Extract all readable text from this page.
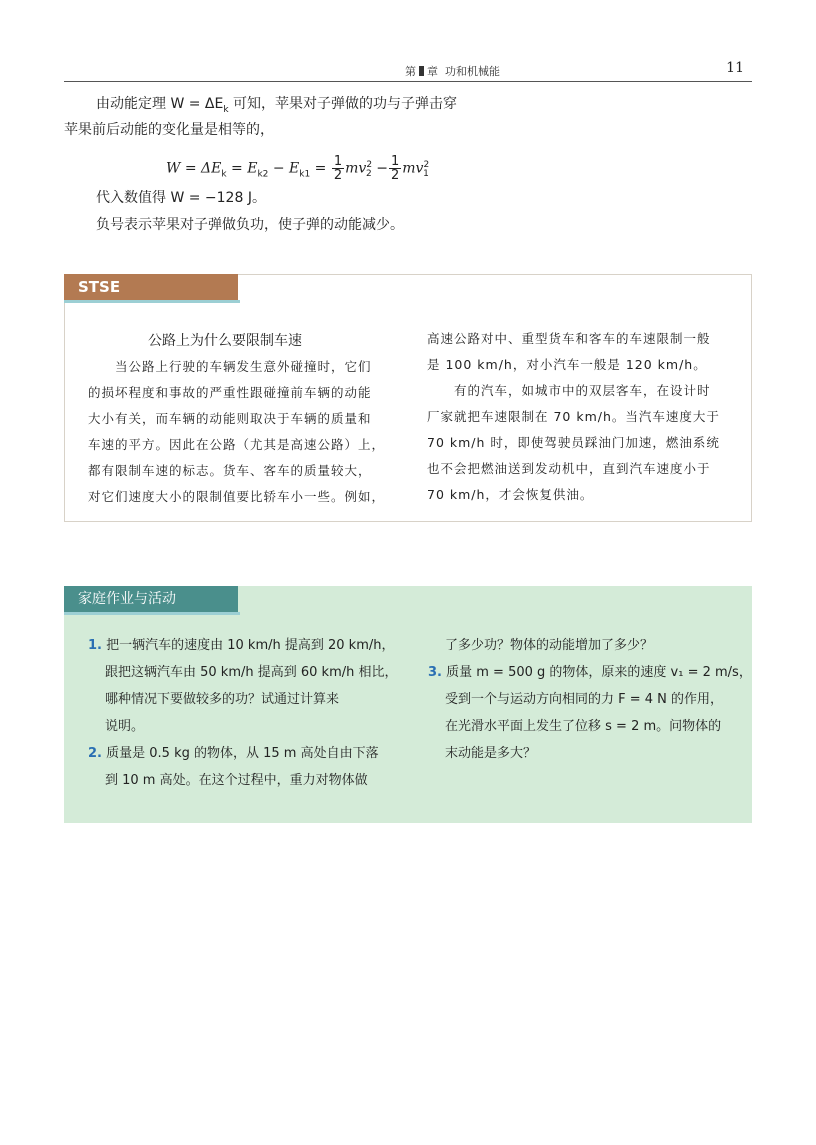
第 章 功和机械能	11
由动能定理 $W = \Delta E_k$ 可知，苹果对子弹做的功与子弹击穿
苹果前后动能的变化量是相等的，
$W = \Delta E_k = E_{k2} - E_{k1} = \frac{1}{2} mv^2_2 - \frac{1}{2} mv^2_1$
代入数值得 W = −128 J。
负号表示苹果对子弹做负功，使子弹的动能减少。
STSE
公路上为什么要限制车速
　　当公路上行驶的车辆发生意外碰撞时，它们
的损坏程度和事故的严重性跟碰撞前车辆的动能
大小有关，而车辆的动能则取决于车辆的质量和
车速的平方。因此在公路（尤其是高速公路）上，
都有限制车速的标志。货车、客车的质量较大，
对它们速度大小的限制值要比轿车小一些。例如，
高速公路对中、重型货车和客车的车速限制一般
是 100 km/h，对小汽车一般是 120 km/h。
　　有的汽车，如城市中的双层客车，在设计时
厂家就把车速限制在 70 km/h。当汽车速度大于
70 km/h 时，即使驾驶员踩油门加速，燃油系统
也不会把燃油送到发动机中，直到汽车速度小于
70 km/h，才会恢复供油。
家庭作业与活动
1. 把一辆汽车的速度由 10 km/h 提高到 20 km/h，
跟把这辆汽车由 50 km/h 提高到 60 km/h 相比，
哪种情况下要做较多的功？试通过计算来
说明。
2. 质量是 0.5 kg 的物体，从 15 m 高处自由下落
到 10 m 高处。在这个过程中，重力对物体做
了多少功？物体的动能增加了多少？
3. 质量 m = 500 g 的物体，原来的速度 v₁ = 2 m/s，
受到一个与运动方向相同的力 F = 4 N 的作用，
在光滑水平面上发生了位移 s = 2 m。问物体的
末动能是多大？
